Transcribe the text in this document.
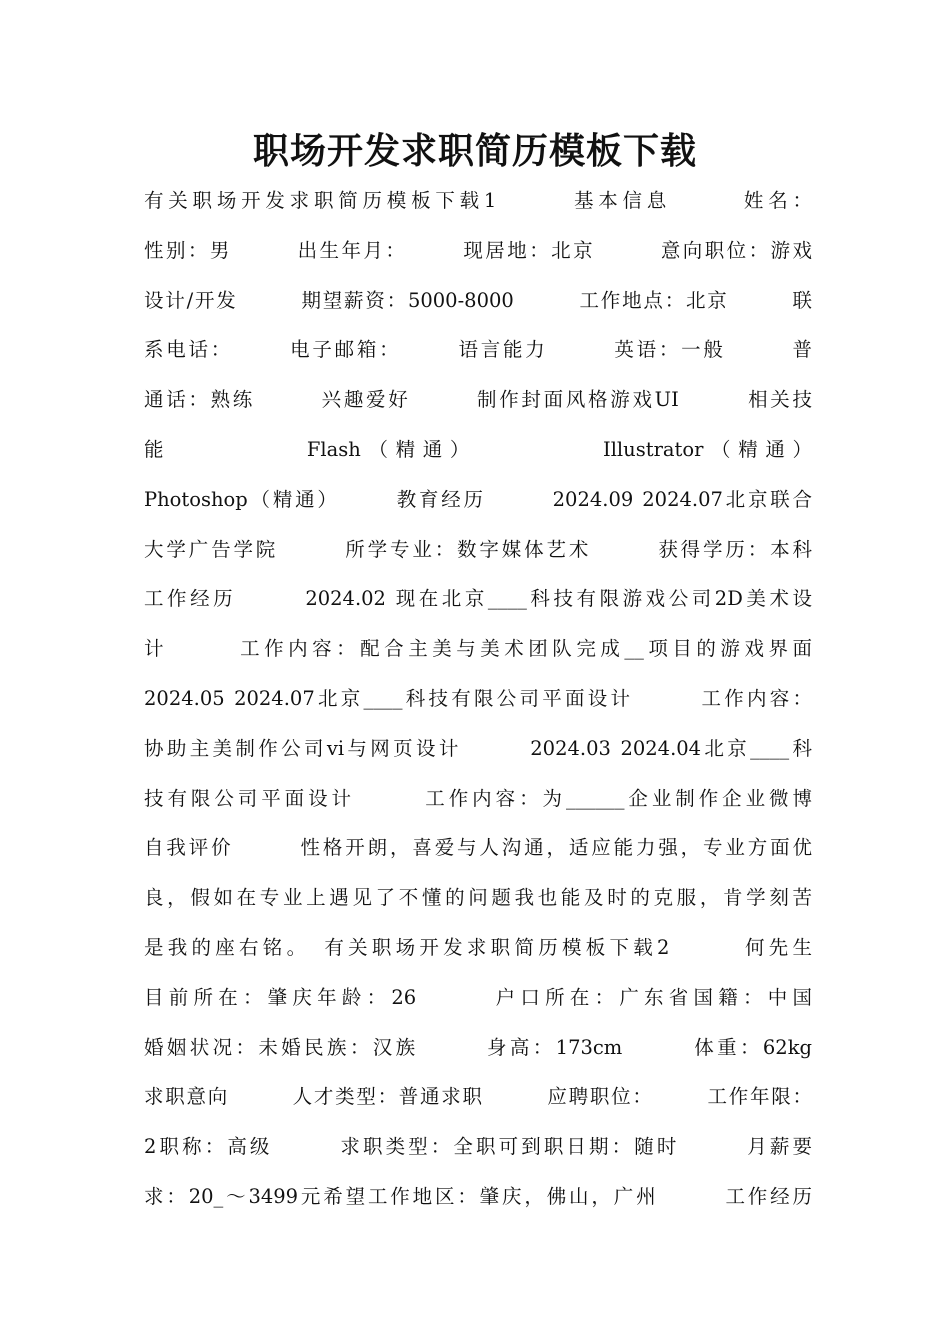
职场开发求职简历模板下载
有关职场开发求职简历模板下载1　　　基本信息　　　姓名：
性别：男　　　出生年月：　　　现居地：北京　　　意向职位：游戏
设计/开发　　　期望薪资：5000-8000　　　工作地点：北京　　　联
系电话：　　　电子邮箱：　　　语言能力　　　英语：一般　　　普
通话：熟练　　　兴趣爱好　　　制作封面风格游戏UI　　　相关技
能　　　　　Flash（精通）　　　　　Illustrator（精通）
Photoshop（精通）　　　教育经历　　　2024.09 2024.07北京联合
大学广告学院　　　所学专业：数字媒体艺术　　　获得学历：本科
工作经历　　　2024.02 现在北京____科技有限游戏公司2D美术设
计　　　工作内容：配合主美与美术团队完成__项目的游戏界面
2024.05 2024.07北京____科技有限公司平面设计　　　工作内容：
协助主美制作公司vi与网页设计　　　2024.03 2024.04北京____科
技有限公司平面设计　　　工作内容：为______企业制作企业微博
自我评价　　　性格开朗，喜爱与人沟通，适应能力强，专业方面优
良，假如在专业上遇见了不懂的问题我也能及时的克服，肯学刻苦
是我的座右铭。　有关职场开发求职简历模板下载2　　　何先生
目前所在：肇庆年龄：26　　　户口所在：广东省国籍：中国
婚姻状况：未婚民族：汉族　　　身高：173cm　　　体重：62kg
求职意向　　　人才类型：普通求职　　　应聘职位：　　　工作年限：
2职称：高级　　　求职类型：全职可到职日期：随时　　　月薪要
求：20_～3499元希望工作地区：肇庆，佛山，广州　　　工作经历
